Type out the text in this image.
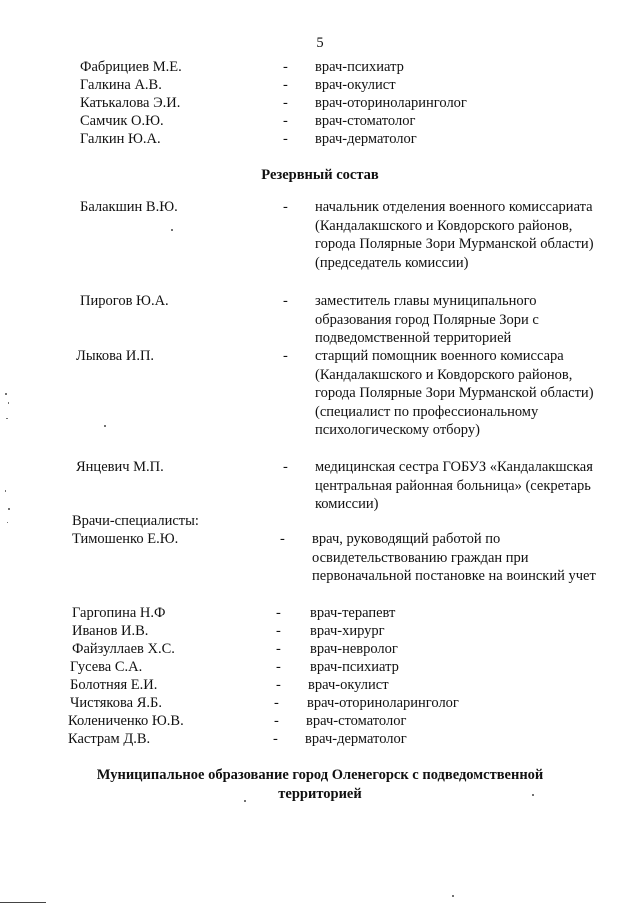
5
Фабрициев М.Е.	- врач-психиатр
Галкина А.В.	- врач-окулист
Катькалова Э.И.	- врач-оториноларинголог
Самчик О.Ю.	- врач-стоматолог
Галкин Ю.А.	- врач-дерматолог
Резервный состав
Балакшин В.Ю.	- начальник отделения военного комиссариата (Кандалакшского и Ковдорского районов, города Полярные Зори Мурманской области) (председатель комиссии)
Пирогов Ю.А.	- заместитель главы муниципального образования город Полярные Зори с подведомственной территорией
Лыкова И.П.	- старщий помощник военного комиссара (Кандалакшского и Ковдорского районов, города Полярные Зори Мурманской области) (специалист по профессиональному психологическому отбору)
Янцевич М.П.	- медицинская сестра ГОБУЗ «Кандалакшская центральная районная больница» (секретарь комиссии)
Врачи-специалисты:
Тимошенко Е.Ю.	- врач, руководящий работой по освидетельствованию граждан при первоначальной постановке на воинский учет
Гаргопина Н.Ф	- врач-терапевт
Иванов И.В.	- врач-хирург
Файзуллаев Х.С.	- врач-невролог
Гусева С.А.	- врач-психиатр
Болотняя Е.И.	- врач-окулист
Чистякова Я.Б.	- врач-оториноларинголог
Колениченко Ю.В.	- врач-стоматолог
Кастрам Д.В.	- врач-дерматолог
Муниципальное образование город Оленегорск с подведомственной территорией
